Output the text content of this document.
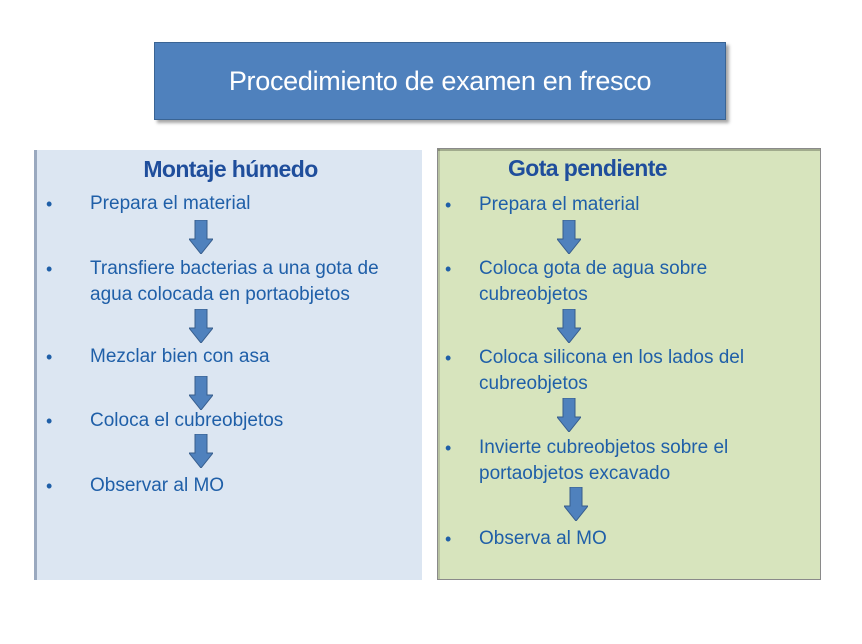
Procedimiento de examen en fresco
Montaje húmedo
• Prepara el material
• Transfiere bacterias a una gota de
agua colocada en portaobjetos
• Mezclar bien con asa
• Coloca el cubreobjetos
• Observar al MO
Gota pendiente
• Prepara el material
• Coloca gota de agua sobre
cubreobjetos
• Coloca silicona en los lados del
cubreobjetos
• Invierte cubreobjetos sobre el
portaobjetos excavado
• Observa al MO
